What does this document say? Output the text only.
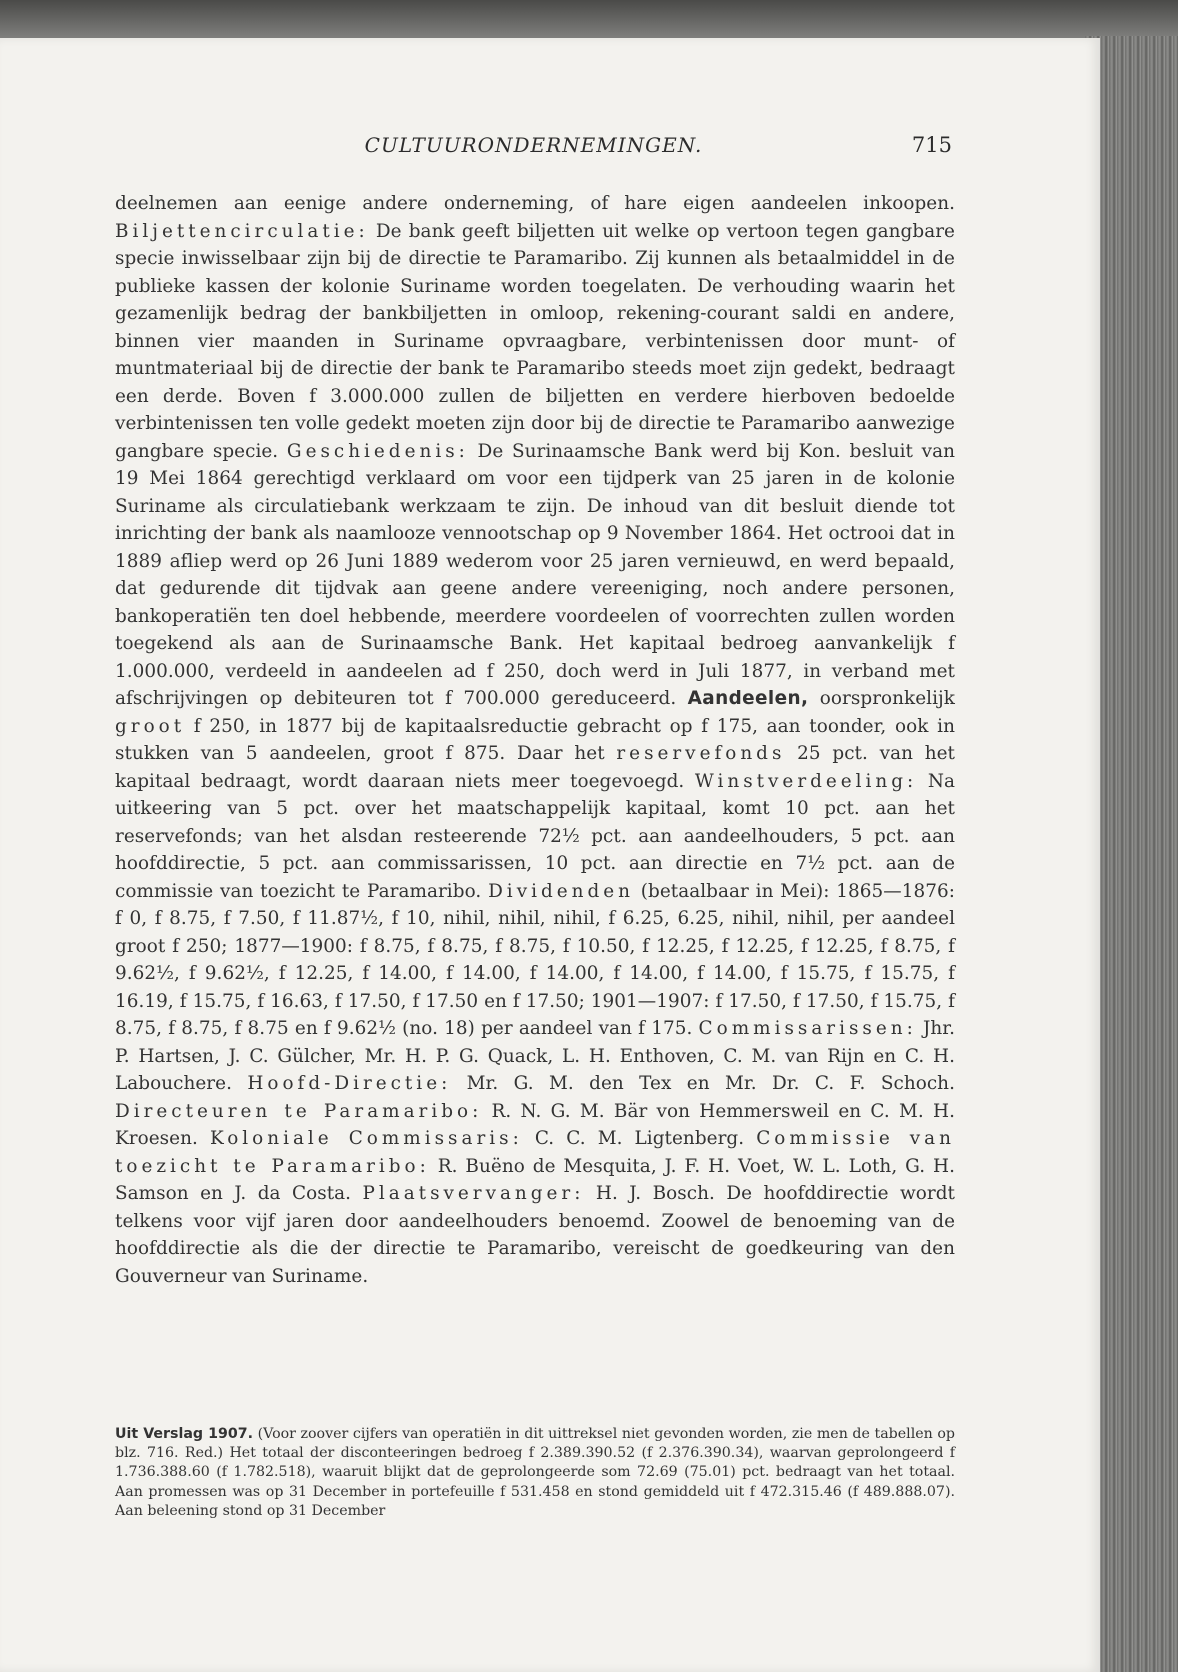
CULTUURONDERNEMINGEN.	715
deelnemen aan eenige andere onderneming, of hare eigen aandeelen inkoopen. Biljettencirculatie: De bank geeft biljetten uit welke op vertoon tegen gangbare specie inwisselbaar zijn bij de directie te Paramaribo. Zij kunnen als betaalmiddel in de publieke kassen der kolonie Suriname worden toegelaten. De verhouding waarin het gezamenlijk bedrag der bankbiljetten in omloop, rekening-courant saldi en andere, binnen vier maanden in Suriname opvraagbare, verbintenissen door munt- of muntmateriaal bij de directie der bank te Paramaribo steeds moet zijn gedekt, bedraagt een derde. Boven f 3.000.000 zullen de biljetten en verdere hierboven bedoelde verbintenissen ten volle gedekt moeten zijn door bij de directie te Paramaribo aanwezige gangbare specie. Geschiedenis: De Surinaamsche Bank werd bij Kon. besluit van 19 Mei 1864 gerechtigd verklaard om voor een tijdperk van 25 jaren in de kolonie Suriname als circulatiebank werkzaam te zijn. De inhoud van dit besluit diende tot inrichting der bank als naamlooze vennootschap op 9 November 1864. Het octrooi dat in 1889 afliep werd op 26 Juni 1889 wederom voor 25 jaren vernieuwd, en werd bepaald, dat gedurende dit tijdvak aan geene andere vereeniging, noch andere personen, bankoperatiën ten doel hebbende, meerdere voordeelen of voorrechten zullen worden toegekend als aan de Surinaamsche Bank. Het kapitaal bedroeg aanvankelijk f 1.000.000, verdeeld in aandeelen ad f 250, doch werd in Juli 1877, in verband met afschrijvingen op debiteuren tot f 700.000 gereduceerd. Aandeelen, oorspronkelijk groot f 250, in 1877 bij de kapitaalsreductie gebracht op f 175, aan toonder, ook in stukken van 5 aandeelen, groot f 875. Daar het reservefonds 25 pct. van het kapitaal bedraagt, wordt daaraan niets meer toegevoegd. Winstverdeeling: Na uitkeering van 5 pct. over het maatschappelijk kapitaal, komt 10 pct. aan het reservefonds; van het alsdan resteerende 72½ pct. aan aandeelhouders, 5 pct. aan hoofddirectie, 5 pct. aan commissarissen, 10 pct. aan directie en 7½ pct. aan de commissie van toezicht te Paramaribo. Dividenden (betaalbaar in Mei): 1865—1876: f 0, f 8.75, f 7.50, f 11.87½, f 10, nihil, nihil, nihil, f 6.25, 6.25, nihil, nihil, per aandeel groot f 250; 1877—1900: f 8.75, f 8.75, f 8.75, f 10.50, f 12.25, f 12.25, f 12.25, f 8.75, f 9.62½, f 9.62½, f 12.25, f 14.00, f 14.00, f 14.00, f 14.00, f 14.00, f 15.75, f 15.75, f 16.19, f 15.75, f 16.63, f 17.50, f 17.50 en f 17.50; 1901—1907: f 17.50, f 17.50, f 15.75, f 8.75, f 8.75, f 8.75 en f 9.62½ (no. 18) per aandeel van f 175. Commissarissen: Jhr. P. Hartsen, J. C. Gülcher, Mr. H. P. G. Quack, L. H. Enthoven, C. M. van Rijn en C. H. Labouchere. Hoofd-Directie: Mr. G. M. den Tex en Mr. Dr. C. F. Schoch. Directeuren te Paramaribo: R. N. G. M. Bär von Hemmersweil en C. M. H. Kroesen. Koloniale Commissaris: C. C. M. Ligtenberg. Commissie van toezicht te Paramaribo: R. Buëno de Mesquita, J. F. H. Voet, W. L. Loth, G. H. Samson en J. da Costa. Plaatsvervanger: H. J. Bosch. De hoofddirectie wordt telkens voor vijf jaren door aandeelhouders benoemd. Zoowel de benoeming van de hoofddirectie als die der directie te Paramaribo, vereischt de goedkeuring van den Gouverneur van Suriname.
Uit Verslag 1907. (Voor zoover cijfers van operatiën in dit uittreksel niet gevonden worden, zie men de tabellen op blz. 716. Red.) Het totaal der disconteeringen bedroeg f 2.389.390.52 (f 2.376.390.34), waarvan geprolongeerd f 1.736.388.60 (f 1.782.518), waaruit blijkt dat de geprolongeerde som 72.69 (75.01) pct. bedraagt van het totaal. Aan promessen was op 31 December in portefeuille f 531.458 en stond gemiddeld uit f 472.315.46 (f 489.888.07). Aan beleening stond op 31 December
